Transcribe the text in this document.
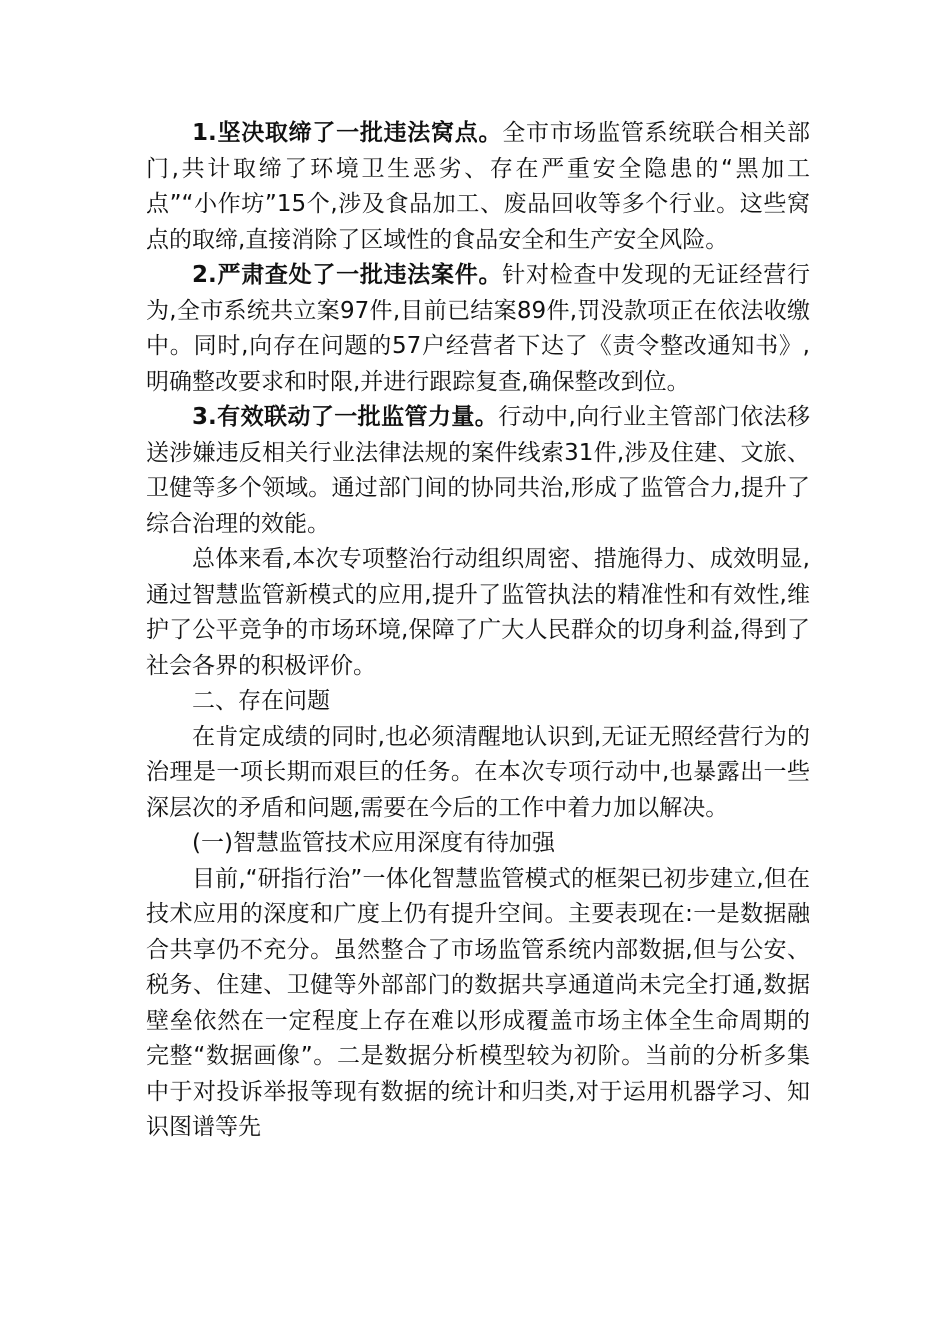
1.坚决取缔了一批违法窝点。全市市场监管系统联合相关部门,共计取缔了环境卫生恶劣、存在严重安全隐患的“黑加工点”“小作坊”15个,涉及食品加工、废品回收等多个行业。这些窝点的取缔,直接消除了区域性的食品安全和生产安全风险。

2.严肃查处了一批违法案件。针对检查中发现的无证经营行为,全市系统共立案97件,目前已结案89件,罚没款项正在依法收缴中。同时,向存在问题的57户经营者下达了《责令整改通知书》,明确整改要求和时限,并进行跟踪复查,确保整改到位。

3.有效联动了一批监管力量。行动中,向行业主管部门依法移送涉嫌违反相关行业法律法规的案件线索31件,涉及住建、文旅、卫健等多个领域。通过部门间的协同共治,形成了监管合力,提升了综合治理的效能。

总体来看,本次专项整治行动组织周密、措施得力、成效明显,通过智慧监管新模式的应用,提升了监管执法的精准性和有效性,维护了公平竞争的市场环境,保障了广大人民群众的切身利益,得到了社会各界的积极评价。

二、存在问题

在肯定成绩的同时,也必须清醒地认识到,无证无照经营行为的治理是一项长期而艰巨的任务。在本次专项行动中,也暴露出一些深层次的矛盾和问题,需要在今后的工作中着力加以解决。

(一)智慧监管技术应用深度有待加强

目前,“研指行治”一体化智慧监管模式的框架已初步建立,但在技术应用的深度和广度上仍有提升空间。主要表现在:一是数据融合共享仍不充分。虽然整合了市场监管系统内部数据,但与公安、税务、住建、卫健等外部部门的数据共享通道尚未完全打通,数据壁垒依然在一定程度上存在难以形成覆盖市场主体全生命周期的完整“数据画像”。二是数据分析模型较为初阶。当前的分析多集中于对投诉举报等现有数据的统计和归类,对于运用机器学习、知识图谱等先
